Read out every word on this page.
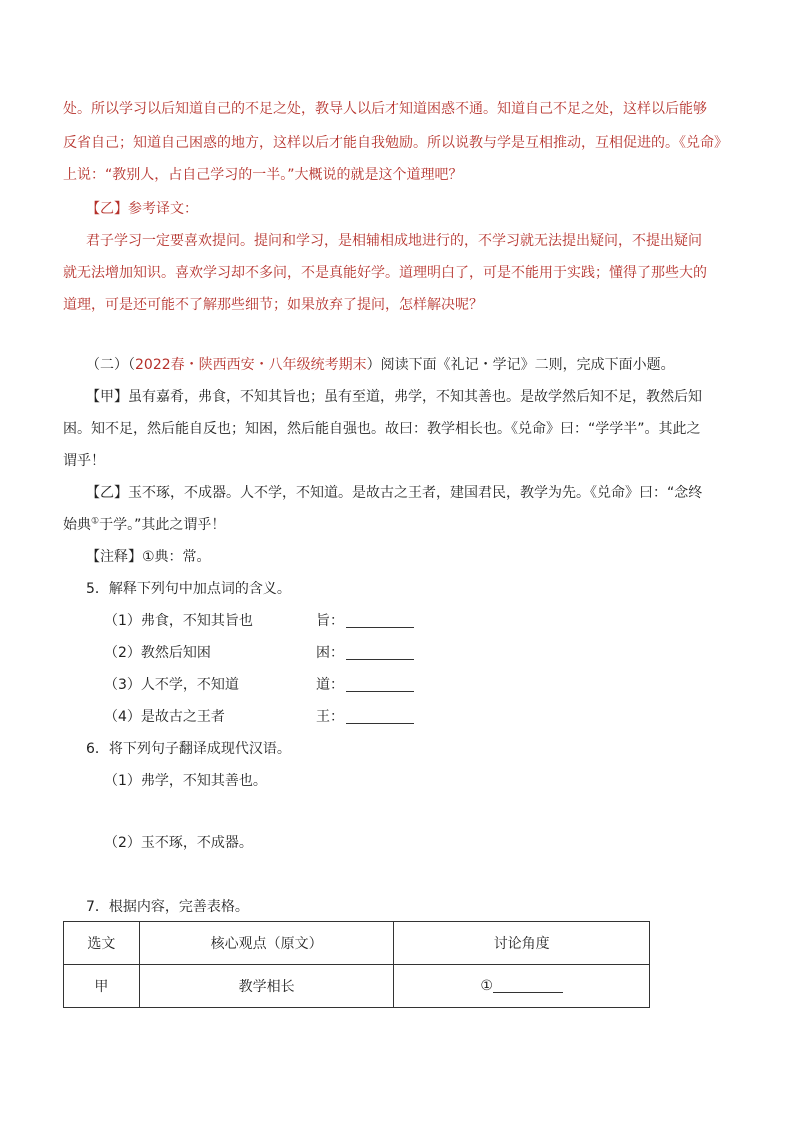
处。所以学习以后知道自己的不足之处，教导人以后才知道困惑不通。知道自己不足之处，这样以后能够
反省自己；知道自己困惑的地方，这样以后才能自我勉励。所以说教与学是互相推动，互相促进的。《兑命》
上说：“教别人，占自己学习的一半。”大概说的就是这个道理吧？
【乙】参考译文：
君子学习一定要喜欢提问。提问和学习，是相辅相成地进行的，不学习就无法提出疑问，不提出疑问
就无法增加知识。喜欢学习却不多问，不是真能好学。道理明白了，可是不能用于实践；懂得了那些大的
道理，可是还可能不了解那些细节；如果放弃了提问，怎样解决呢？
（二）（2022春・陕西西安・八年级统考期末）阅读下面《礼记・学记》二则，完成下面小题。
【甲】虽有嘉肴，弗食，不知其旨也；虽有至道，弗学，不知其善也。是故学然后知不足，教然后知
困。知不足，然后能自反也；知困，然后能自强也。故曰：教学相长也。《兑命》曰：“学学半”。其此之
谓乎！
【乙】玉不琢，不成器。人不学，不知道。是故古之王者，建国君民，教学为先。《兑命》曰：“念终
始典①于学。”其此之谓乎！
【注释】①典：常。
5．解释下列句中加点词的含义。
（1）弗食，不知其旨也	旨：
（2）教然后知困	困：
（3）人不学，不知道	道：
（4）是故古之王者	王：
6．将下列句子翻译成现代汉语。
（1）弗学，不知其善也。
（2）玉不琢，不成器。
7．根据内容，完善表格。
选文	核心观点（原文）	讨论角度
甲	教学相长	①
